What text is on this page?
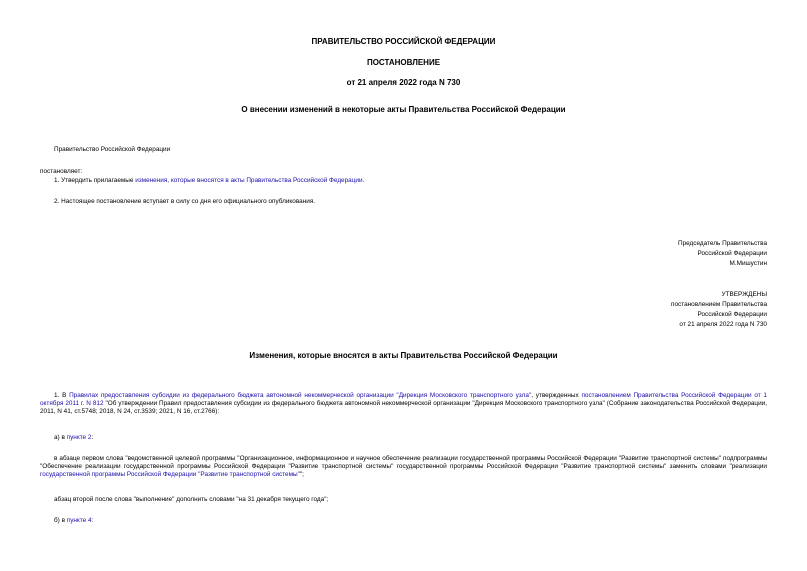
ПРАВИТЕЛЬСТВО РОССИЙСКОЙ ФЕДЕРАЦИИ
ПОСТАНОВЛЕНИЕ
от 21 апреля 2022 года N 730
О внесении изменений в некоторые акты Правительства Российской Федерации
Правительство Российской Федерации
постановляет:
1. Утвердить прилагаемые изменения, которые вносятся в акты Правительства Российской Федерации.
2. Настоящее постановление вступает в силу со дня его официального опубликования.
Председатель Правительства
Российской Федерации
М.Мишустин
УТВЕРЖДЕНЫ
постановлением Правительства
Российской Федерации
от 21 апреля 2022 года N 730
Изменения, которые вносятся в акты Правительства Российской Федерации
1. В Правилах предоставления субсидии из федерального бюджета автономной некоммерческой организации "Дирекция Московского транспортного узла", утвержденных постановлением Правительства Российской Федерации от 1 октября 2011 г. N 812 "Об утверждении Правил предоставления субсидии из федерального бюджета автономной некоммерческой организации "Дирекция Московского транспортного узла" (Собрание законодательства Российской Федерации, 2011, N 41, ст.5748; 2018, N 24, ст.3539; 2021, N 16, ст.2766):
а) в пункте 2:
в абзаце первом слова "ведомственной целевой программы "Организационное, информационное и научное обеспечение реализации государственной программы Российской Федерации "Развитие транспортной системы" подпрограммы "Обеспечение реализации государственной программы Российской Федерации "Развитие транспортной системы" государственной программы Российской Федерации "Развитие транспортной системы" заменить словами "реализации государственной программы Российской Федерации "Развитие транспортной системы"";
абзац второй после слова "выполнение" дополнить словами "на 31 декабря текущего года";
б) в пункте 4:
